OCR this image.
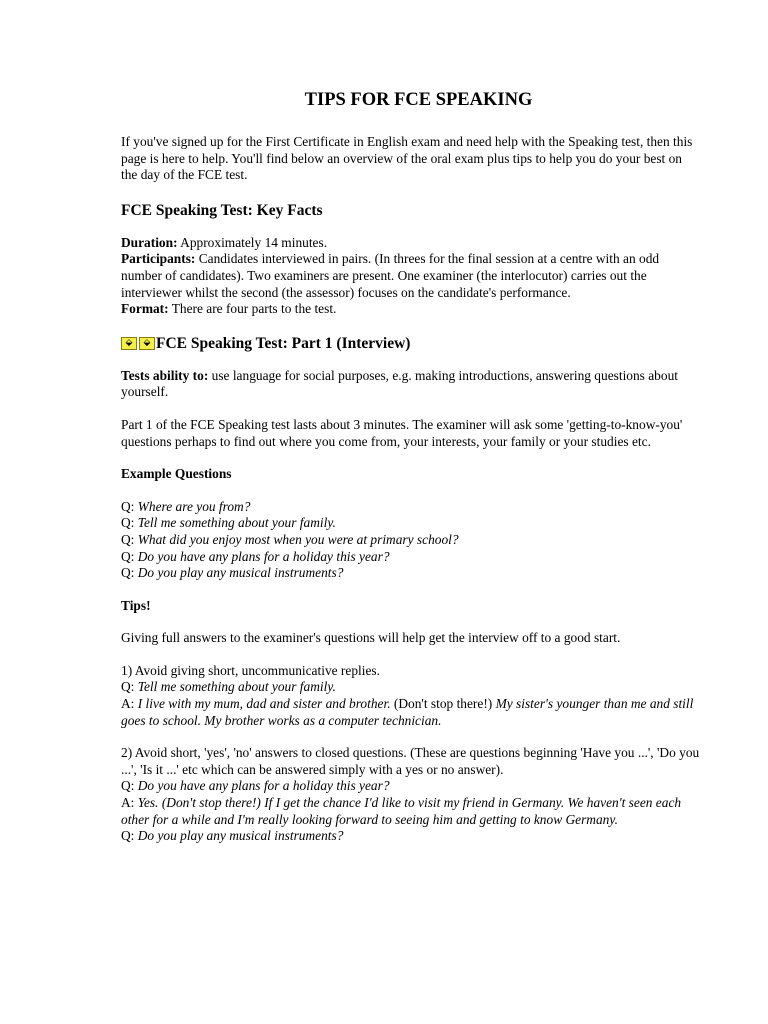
TIPS FOR FCE SPEAKING

If you've signed up for the First Certificate in English exam and need help with the Speaking test, then this page is here to help. You'll find below an overview of the oral exam plus tips to help you do your best on the day of the FCE test.

FCE Speaking Test: Key Facts

Duration: Approximately 14 minutes.

Participants: Candidates interviewed in pairs. (In threes for the final session at a centre with an odd number of candidates). Two examiners are present. One examiner (the interlocutor) carries out the interviewer whilst the second (the assessor) focuses on the candidate's performance.

Format: There are four parts to the test.

⬙	⬙ FCE Speaking Test: Part 1 (Interview)

Tests ability to: use language for social purposes, e.g. making introductions, answering questions about yourself.

Part 1 of the FCE Speaking test lasts about 3 minutes. The examiner will ask some 'getting-to-know-you' questions perhaps to find out where you come from, your interests, your family or your studies etc.

Example Questions

Q: Where are you from?

Q: Tell me something about your family.

Q: What did you enjoy most when you were at primary school?

Q: Do you have any plans for a holiday this year?

Q: Do you play any musical instruments?

Tips!

Giving full answers to the examiner's questions will help get the interview off to a good start.

1) Avoid giving short, uncommunicative replies.

Q: Tell me something about your family.

A: I live with my mum, dad and sister and brother. (Don't stop there!) My sister's younger than me and still goes to school. My brother works as a computer technician.

2) Avoid short, 'yes', 'no' answers to closed questions. (These are questions beginning 'Have you ...', 'Do you ...', 'Is it ...' etc which can be answered simply with a yes or no answer).

Q: Do you have any plans for a holiday this year?

A: Yes. (Don't stop there!) If I get the chance I'd like to visit my friend in Germany. We haven't seen each other for a while and I'm really looking forward to seeing him and getting to know Germany.

Q: Do you play any musical instruments?
